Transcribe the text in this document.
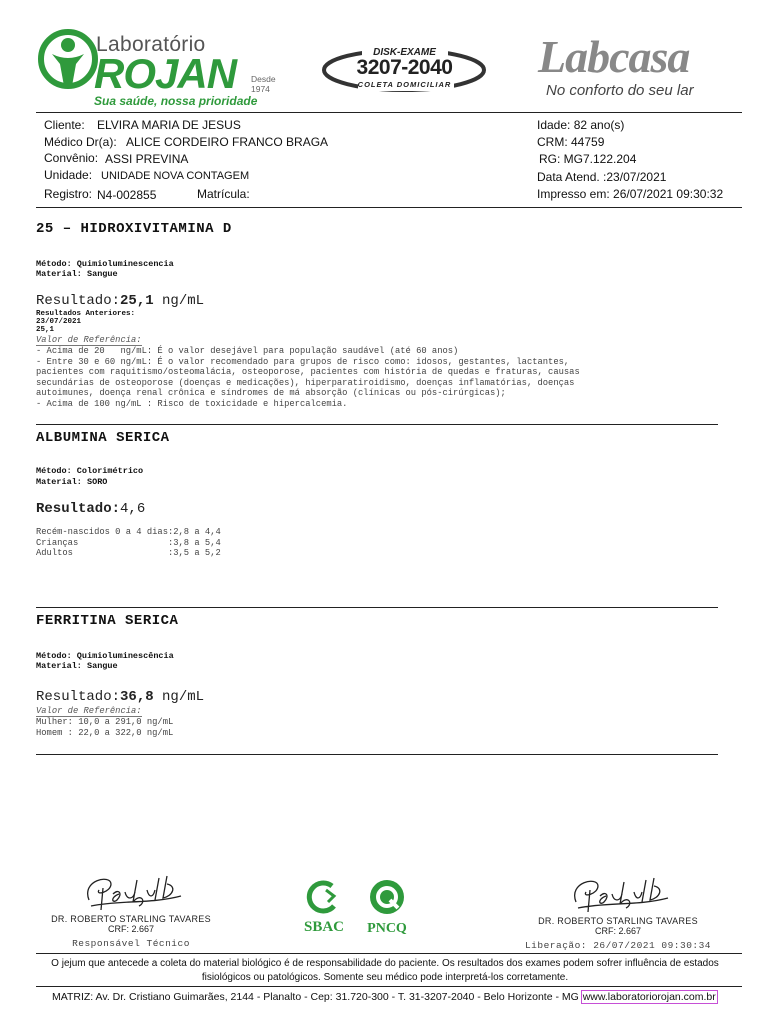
Laboratório
ROJAN Desde
1974
Sua saúde, nossa prioridade
DISK-EXAME
3207-2040
COLETA DOMICILIAR
Labcasa
No conforto do seu lar
Cliente: ELVIRA MARIA DE JESUS
Médico Dr(a): ALICE CORDEIRO FRANCO BRAGA
Convênio: ASSI PREVINA
Unidade: UNIDADE NOVA CONTAGEM
Registro: N4-002855	Matrícula:
Idade: 82 ano(s)
CRM: 44759
RG: MG7.122.204
Data Atend. :23/07/2021
Impresso em: 26/07/2021 09:30:32
25 – HIDROXIVITAMINA D
Método: Quimioluminescencia
Material: Sangue
Resultado:25,1 ng/mL
Resultados Anteriores:
23/07/2021
25,1
Valor de Referência:
- Acima de 20   ng/mL: É o valor desejável para população saudável (até 60 anos)
- Entre 30 e 60 ng/mL: É o valor recomendado para grupos de risco como: idosos, gestantes, lactantes,
pacientes com raquitismo/osteomalácia, osteoporose, pacientes com história de quedas e fraturas, causas
secundárias de osteoporose (doenças e medicações), hiperparatiroidismo, doenças inflamatórias, doenças
autoimunes, doença renal crônica e síndromes de má absorção (clínicas ou pós-cirúrgicas);
- Acima de 100 ng/mL : Risco de toxicidade e hipercalcemia.
ALBUMINA SERICA
Método: Colorimétrico
Material: SORO
Resultado:4,6
Recém-nascidos 0 a 4 dias:2,8 a 4,4
Crianças                 :3,8 a 5,4
Adultos                  :3,5 a 5,2
FERRITINA SERICA
Método: Quimioluminescência
Material: Sangue
Resultado:36,8 ng/mL
Valor de Referência:
Mulher: 10,0 a 291,0 ng/mL
Homem : 22,0 a 322,0 ng/mL
DR. ROBERTO STARLING TAVARES
CRF: 2.667
Responsável Técnico
SBAC	PNCQ	DR. ROBERTO STARLING TAVARES
CRF: 2.667
Liberação: 26/07/2021 09:30:34
O jejum que antecede a coleta do material biológico é de responsabilidade do paciente. Os resultados dos exames podem sofrer influência de estados fisiológicos ou patológicos. Somente seu médico pode interpretá-los corretamente.
MATRIZ: Av. Dr. Cristiano Guimarães, 2144 - Planalto - Cep: 31.720-300 - T. 31-3207-2040 - Belo Horizonte - MG www.laboratoriorojan.com.br
